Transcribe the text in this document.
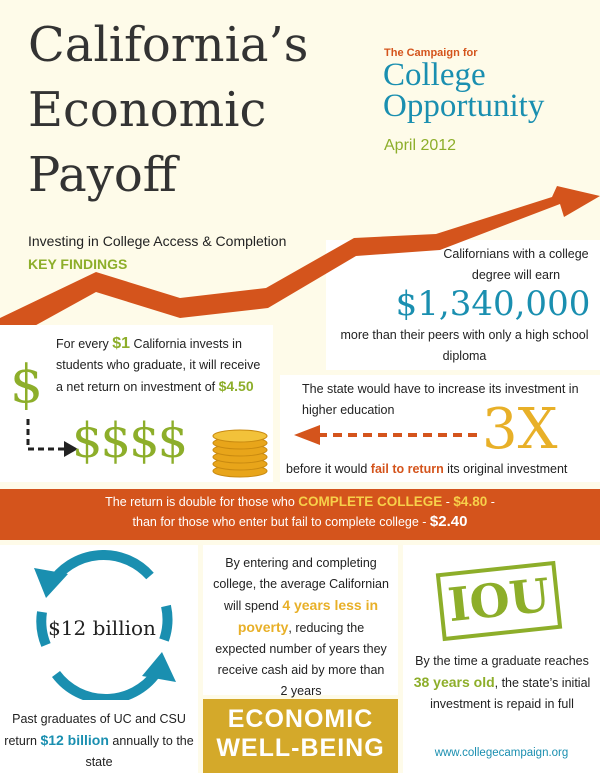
California’s
Economic
Payoff
The Campaign for
College
Opportunity
April 2012
Investing in College Access & Completion
KEY FINDINGS
Californians with a college degree will earn
$1,340,000
more than their peers with only a high school diploma
For every $1 California invests in students who graduate, it will receive a net return on investment of $4.50
$
$$$$
The state would have to increase its investment in higher education	3X
before it would fail to return its original investment
The return is double for those who COMPLETE COLLEGE - $4.80 -
than for those who enter but fail to complete college - $2.40
$12 billion
Past graduates of UC and CSU return $12 billion annually to the state
By entering and completing college, the average Californian will spend 4 years less in poverty, reducing the expected number of years they receive cash aid by more than 2 years
ECONOMIC
WELL-BEING
IOU
By the time a graduate reaches 38 years old, the state’s initial investment is repaid in full
www.collegecampaign.org
